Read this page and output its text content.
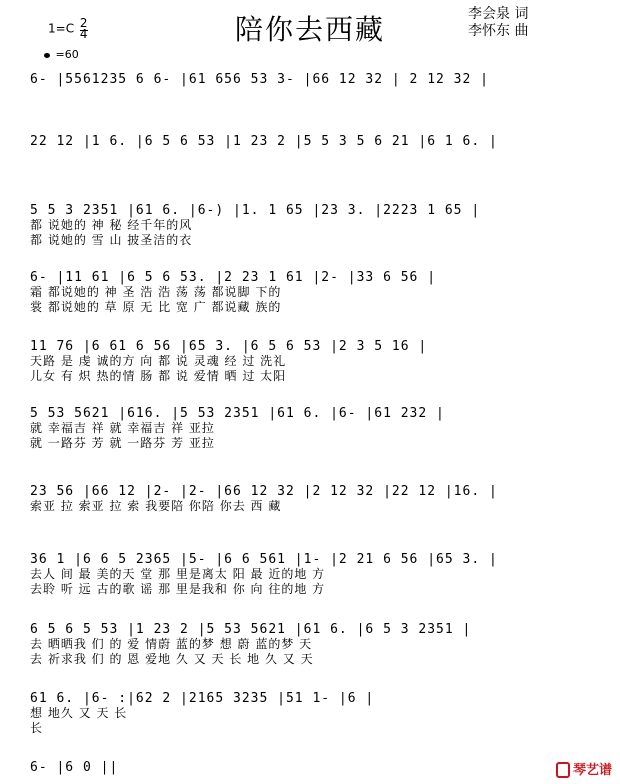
陪你去西藏
1=C 2
4
=60
李会泉 词
李怀东 曲
6- |5561235 6 6- |61 656 53 3- |66 12 32 | 2 12 32 |
22 12 |1 6. |6 5 6 53 |1 23 2 |5 5 3 5 6 21 |6 1 6. |
5 5 3 2351 |61 6. |6-) |1. 1 65 |23 3. |2223 1 65 |
都 说她的 神 秘 经千年的风
都 说她的 雪 山 披圣洁的衣
6- |11 61 |6 5 6 53. |2 23 1 61 |2- |33 6 56 |
霜 都说她的 神 圣 浩 浩 荡 荡 都说脚 下的
裳 都说她的 草 原 无 比 宽 广 都说藏 族的
11 76 |6 61 6 56 |65 3. |6 5 6 53 |2 3 5 16 |
天路 是 虔 诚的方 向 都 说 灵魂 经 过 洗礼
儿女 有 炽 热的情 肠 都 说 爱情 晒 过 太阳
5 53 5621 |616. |5 53 2351 |61 6. |6- |61 232 |
就 幸福吉 祥 就 幸福吉 祥 亚拉
就 一路芬 芳 就 一路芬 芳 亚拉
23 56 |66 12 |2- |2- |66 12 32 |2 12 32 |22 12 |16. |
索亚 拉 索亚 拉 索 我要陪 你陪 你去 西 藏
36 1 |6 6 5 2365 |5- |6 6 561 |1- |2 21 6 56 |65 3. |
去人 间 最 美的天 堂 那 里是离太 阳 最 近的地 方
去聆 听 远 古的歌 谣 那 里是我和 你 向 往的地 方
6 5 6 5 53 |1 23 2 |5 53 5621 |61 6. |6 5 3 2351 |
去 晒晒我 们 的 爱 情蔚 蓝的梦 想 蔚 蓝的梦 天
去 祈求我 们 的 恩 爱地 久 又 天 长 地 久 又 天
61 6. |6- :|62 2 |2165 3235 |51 1- |6 |
想 地久 又 天 长
长
6- |6 0 ||	琴艺谱
